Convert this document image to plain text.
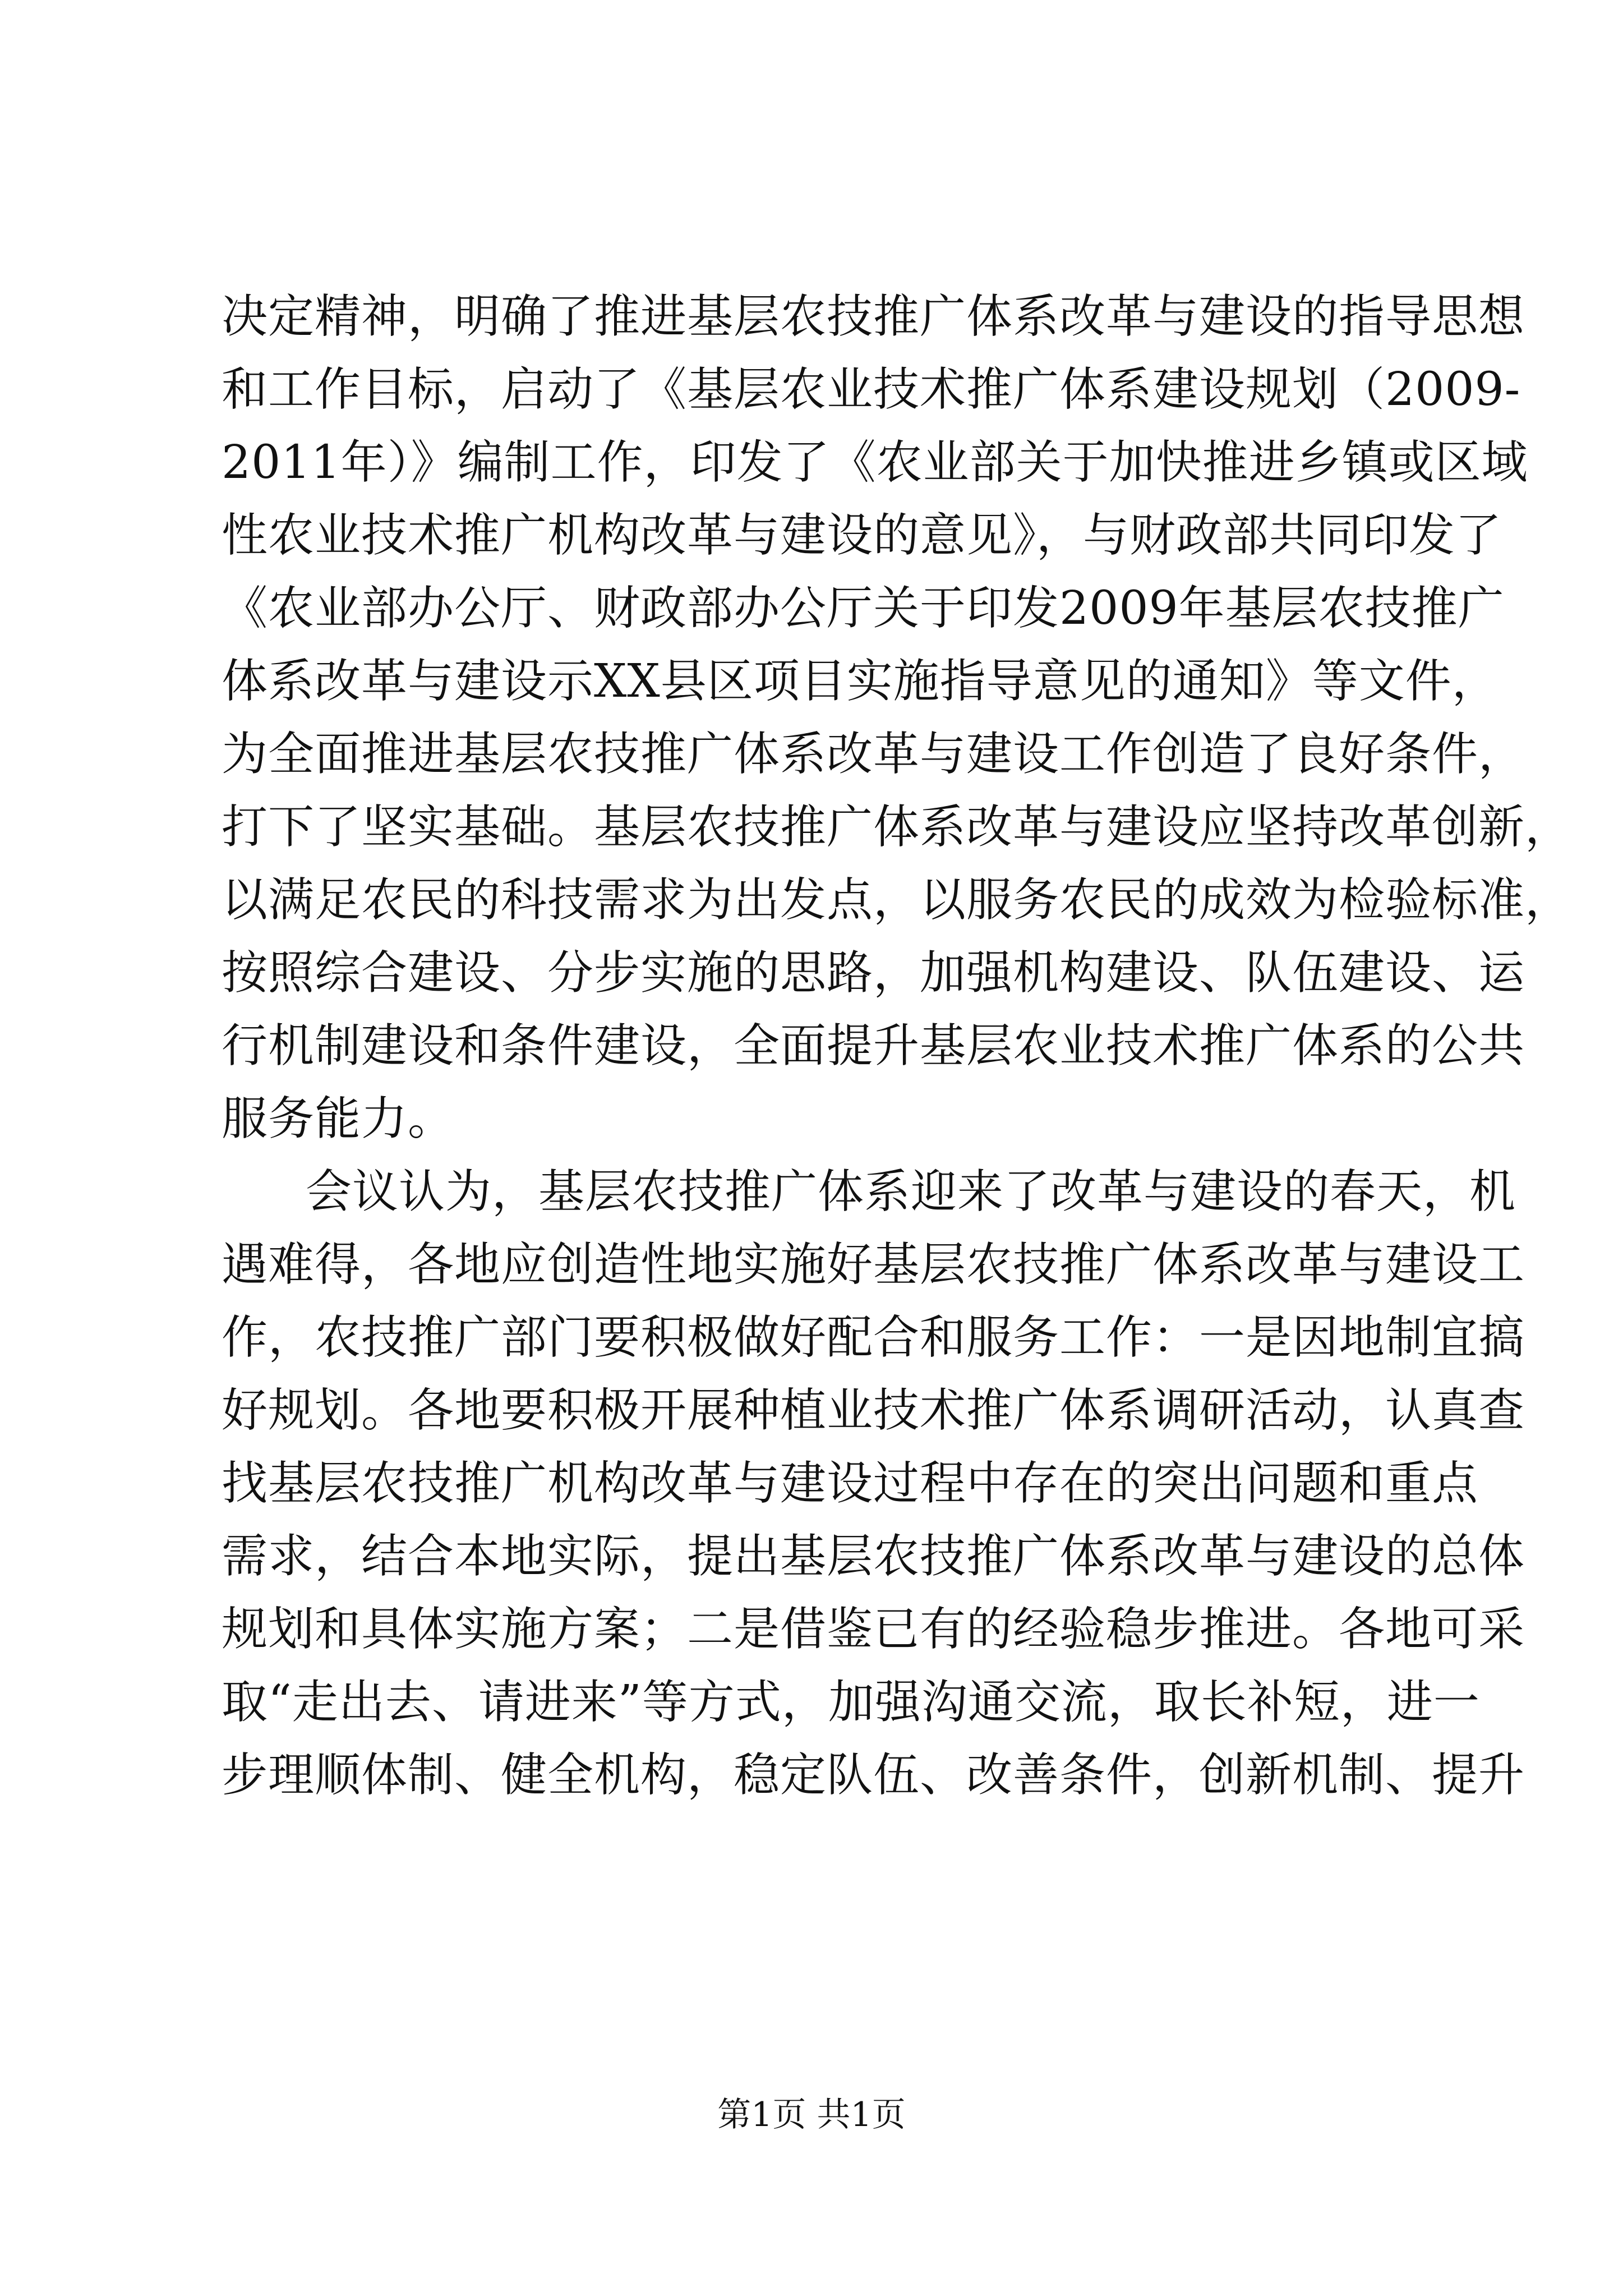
决定精神，明确了推进基层农技推广体系改革与建设的指导思想
和工作目标，启动了《基层农业技术推广体系建设规划（2009-
2011年）》编制工作，印发了《农业部关于加快推进乡镇或区域
性农业技术推广机构改革与建设的意见》，与财政部共同印发了
《农业部办公厅、财政部办公厅关于印发2009年基层农技推广
体系改革与建设示XX县区项目实施指导意见的通知》等文件，
为全面推进基层农技推广体系改革与建设工作创造了良好条件，
打下了坚实基础。基层农技推广体系改革与建设应坚持改革创新，
以满足农民的科技需求为出发点，以服务农民的成效为检验标准，
按照综合建设、分步实施的思路，加强机构建设、队伍建设、运
行机制建设和条件建设，全面提升基层农业技术推广体系的公共
服务能力。
会议认为，基层农技推广体系迎来了改革与建设的春天，机
遇难得，各地应创造性地实施好基层农技推广体系改革与建设工
作，农技推广部门要积极做好配合和服务工作：一是因地制宜搞
好规划。各地要积极开展种植业技术推广体系调研活动，认真查
找基层农技推广机构改革与建设过程中存在的突出问题和重点
需求，结合本地实际，提出基层农技推广体系改革与建设的总体
规划和具体实施方案；二是借鉴已有的经验稳步推进。各地可采
取“走出去、请进来”等方式，加强沟通交流，取长补短，进一
步理顺体制、健全机构，稳定队伍、改善条件，创新机制、提升
第1页 共1页
